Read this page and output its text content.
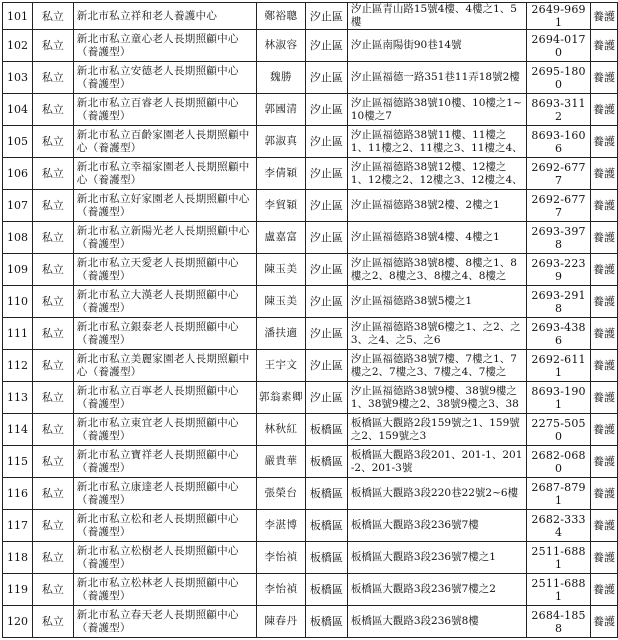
101	私立	新北市私立祥和老人養護中心	鄭裕聰	汐止區	汐止區青山路15號4樓、4樓之1、5樓	2649-9691	養護

102	私立	新北市私立童心老人長期照顧中心（養護型）	林淑容	汐止區	汐止區南陽街90巷14號	2694-0170	養護

103	私立	新北市私立安德老人長期照顧中心（養護型）	魏勝	汐止區	汐止區福德一路351巷11弄18號2樓	2695-1800	養護

104	私立	新北市私立百睿老人長期照顧中心（養護型）	郭國清	汐止區	汐止區福德路38號10樓、10樓之1~10樓之7	8693-3112	養護

105	私立	新北市私立百齡家園老人長期照顧中心（養護型）	郭淑真	汐止區	汐止區福德路38號11樓、11樓之1、11樓之2、11樓之3、11樓之4、	8693-1606	養護

106	私立	新北市私立幸福家園老人長期照顧中心（養護型）	李倩穎	汐止區	汐止區福德路38號12樓、12樓之1、12樓之2、12樓之3、12樓之4、	2692-6777	養護

107	私立	新北市私立好家園老人長期照顧中心（養護型）	李貿穎	汐止區	汐止區福德路38號2樓、2樓之1	2692-6777	養護

108	私立	新北市私立新陽光老人長期照顧中心（養護型）	盧嘉富	汐止區	汐止區福德路38號4樓、4樓之1	2693-3978	養護

109	私立	新北市私立天愛老人長期照顧中心（養護型）	陳玉美	汐止區	汐止區福德路38號8樓、8樓之1、8樓之2、8樓之3、8樓之4、8樓之	2693-2239	養護

110	私立	新北市私立大漢老人長期照顧中心（養護型）	陳玉美	汐止區	汐止區福德路38號5樓之1	2693-2918	養護

111	私立	新北市私立銀泰老人長期照顧中心（養護型）	潘扶適	汐止區	汐止區福德路38號6樓之1、之2、之3、之4、之5、之6	2693-4386	養護

112	私立	新北市私立美麗家園老人長期照顧中心（養護型）	王宇文	汐止區	汐止區福德路38號7樓、7樓之1、7樓之2、7樓之3、7樓之4、7樓之	2692-6111	養護

113	私立	新北市私立百寧老人長期照顧中心（養護型）	郭翁素卿	汐止區	汐止區福德路38號9樓、38號9樓之1、38號9樓之2、38號9樓之3、38	8693-1901	養護

114	私立	新北市私立東宜老人長期照顧中心（養護型）	林秋紅	板橋區	板橋區大觀路2段159號之1、159號之2、159號之3	2275-5050	養護

115	私立	新北市私立寶祥老人長期照顧中心（養護型）	嚴貴華	板橋區	板橋區大觀路3段201、201-1、201-2、201-3號	2682-0680	養護

116	私立	新北市私立康達老人長期照顧中心（養護型）	張榮台	板橋區	板橋區大觀路3段220巷22號2~6樓	2687-8791	養護

117	私立	新北市私立松和老人長期照顧中心（養護型）	李湛博	板橋區	板橋區大觀路3段236號7樓	2682-3334	養護

118	私立	新北市私立松樹老人長期照顧中心（養護型）	李怡禎	板橋區	板橋區大觀路3段236號7樓之1	2511-6881	養護

119	私立	新北市私立松林老人長期照顧中心（養護型）	李怡禎	板橋區	板橋區大觀路3段236號7樓之2	2511-6881	養護

120	私立	新北市私立春天老人長期照顧中心（養護型）	陳春丹	板橋區	板橋區大觀路3段236號8樓	2684-1858	養護
